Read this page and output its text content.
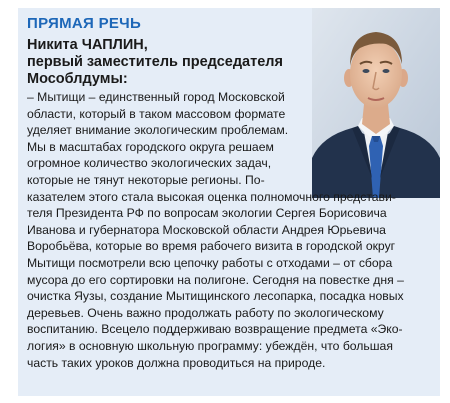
ПРЯМАЯ РЕЧЬ
Никита ЧАПЛИН,
первый заместитель председателя
Мособлдумы:
– Мытищи – единственный город Московской
области, который в таком массовом формате
уделяет внимание экологическим проблемам.
Мы в масштабах городского округа решаем
огромное количество экологических задач,
которые не тянут некоторые регионы. По-
казателем этого стала высокая оценка полномочного представи-
теля Президента РФ по вопросам экологии Сергея Борисовича
Иванова и губернатора Московской области Андрея Юрьевича
Воробьёва, которые во время рабочего визита в городской округ
Мытищи посмотрели всю цепочку работы с отходами – от сбора
мусора до его сортировки на полигоне. Сегодня на повестке дня –
очистка Яузы, создание Мытищинского лесопарка, посадка новых
деревьев. Очень важно продолжать работу по экологическому
воспитанию. Всецело поддерживаю возвращение предмета «Эко-
логия» в основную школьную программу: убеждён, что большая
часть таких уроков должна проводиться на природе.
